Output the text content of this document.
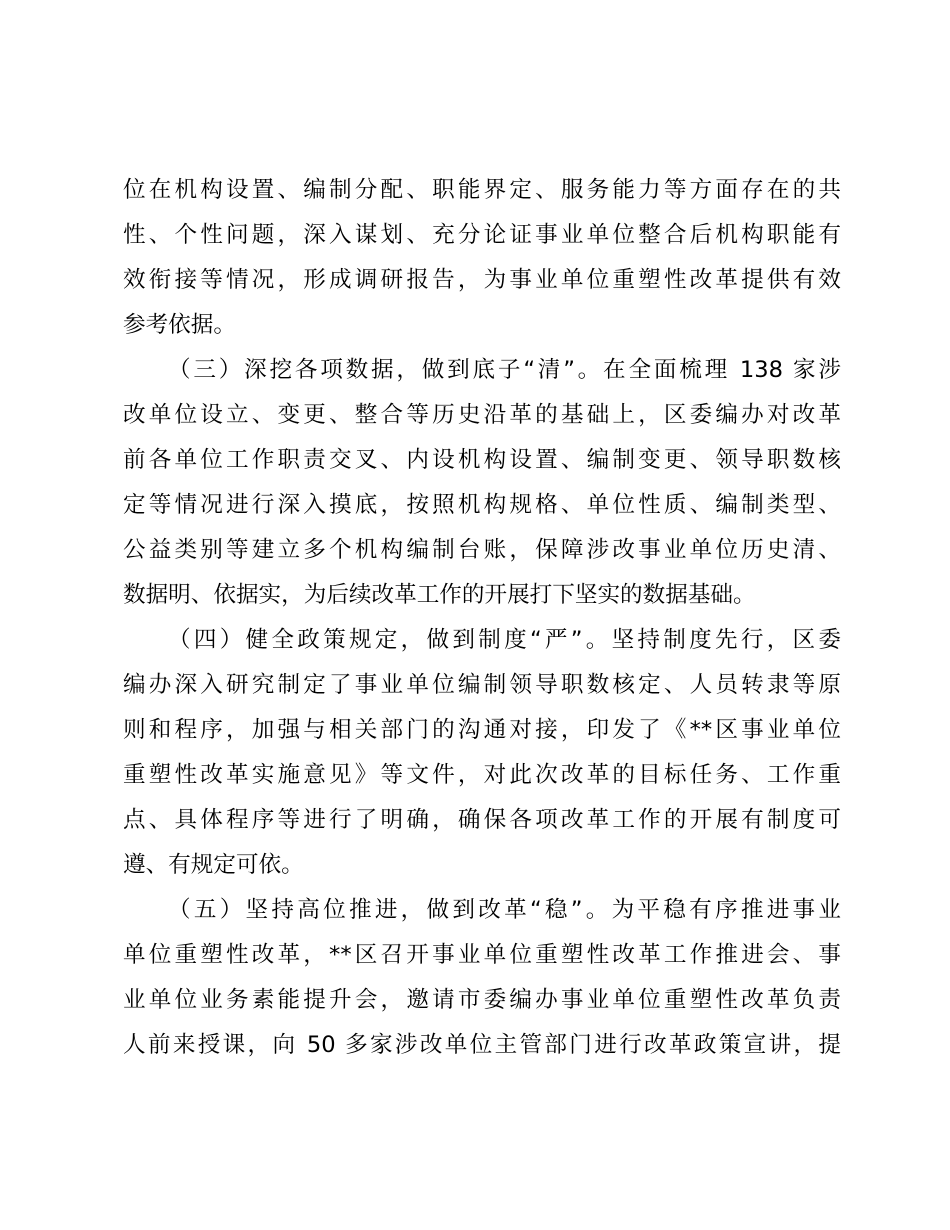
位在机构设置、编制分配、职能界定、服务能力等方面存在的共
性、个性问题，深入谋划、充分论证事业单位整合后机构职能有
效衔接等情况，形成调研报告，为事业单位重塑性改革提供有效
参考依据。
（三）深挖各项数据，做到底子“清”。在全面梳理 138 家涉
改单位设立、变更、整合等历史沿革的基础上，区委编办对改革
前各单位工作职责交叉、内设机构设置、编制变更、领导职数核
定等情况进行深入摸底，按照机构规格、单位性质、编制类型、
公益类别等建立多个机构编制台账，保障涉改事业单位历史清、
数据明、依据实，为后续改革工作的开展打下坚实的数据基础。
（四）健全政策规定，做到制度“严”。坚持制度先行，区委
编办深入研究制定了事业单位编制领导职数核定、人员转隶等原
则和程序，加强与相关部门的沟通对接，印发了《**区事业单位
重塑性改革实施意见》等文件，对此次改革的目标任务、工作重
点、具体程序等进行了明确，确保各项改革工作的开展有制度可
遵、有规定可依。
（五）坚持高位推进，做到改革“稳”。为平稳有序推进事业
单位重塑性改革，**区召开事业单位重塑性改革工作推进会、事
业单位业务素能提升会，邀请市委编办事业单位重塑性改革负责
人前来授课，向 50 多家涉改单位主管部门进行改革政策宣讲，提
